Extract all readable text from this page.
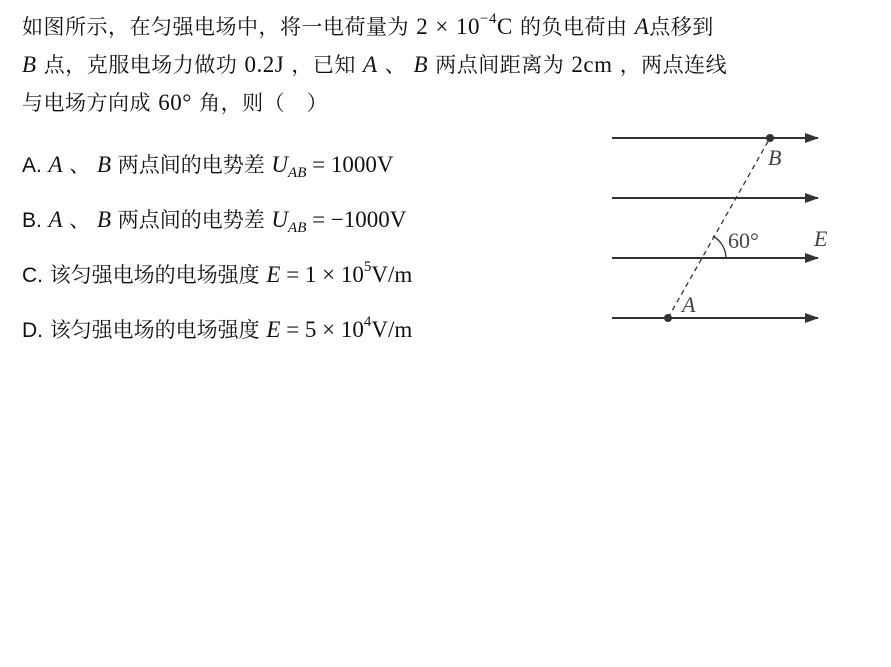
如图所示，在匀强电场中，将一电荷量为 $2 \times 10^{-4}C$ 的负电荷由 A点移到
B 点，克服电场力做功 0.2J ，已知 A 、 B 两点间距离为 2cm ，两点连线
与电场方向成 60° 角，则（　）
A. A 、 B 两点间的电势差 $U_{AB} = 1000V$
B. A 、 B 两点间的电势差 $U_{AB} = -1000V$
C. 该匀强电场的电场强度 $E = 1 \times 10^5V/m$
D. 该匀强电场的电场强度 $E = 5 \times 10^4V/m$
B
A
60°	E
